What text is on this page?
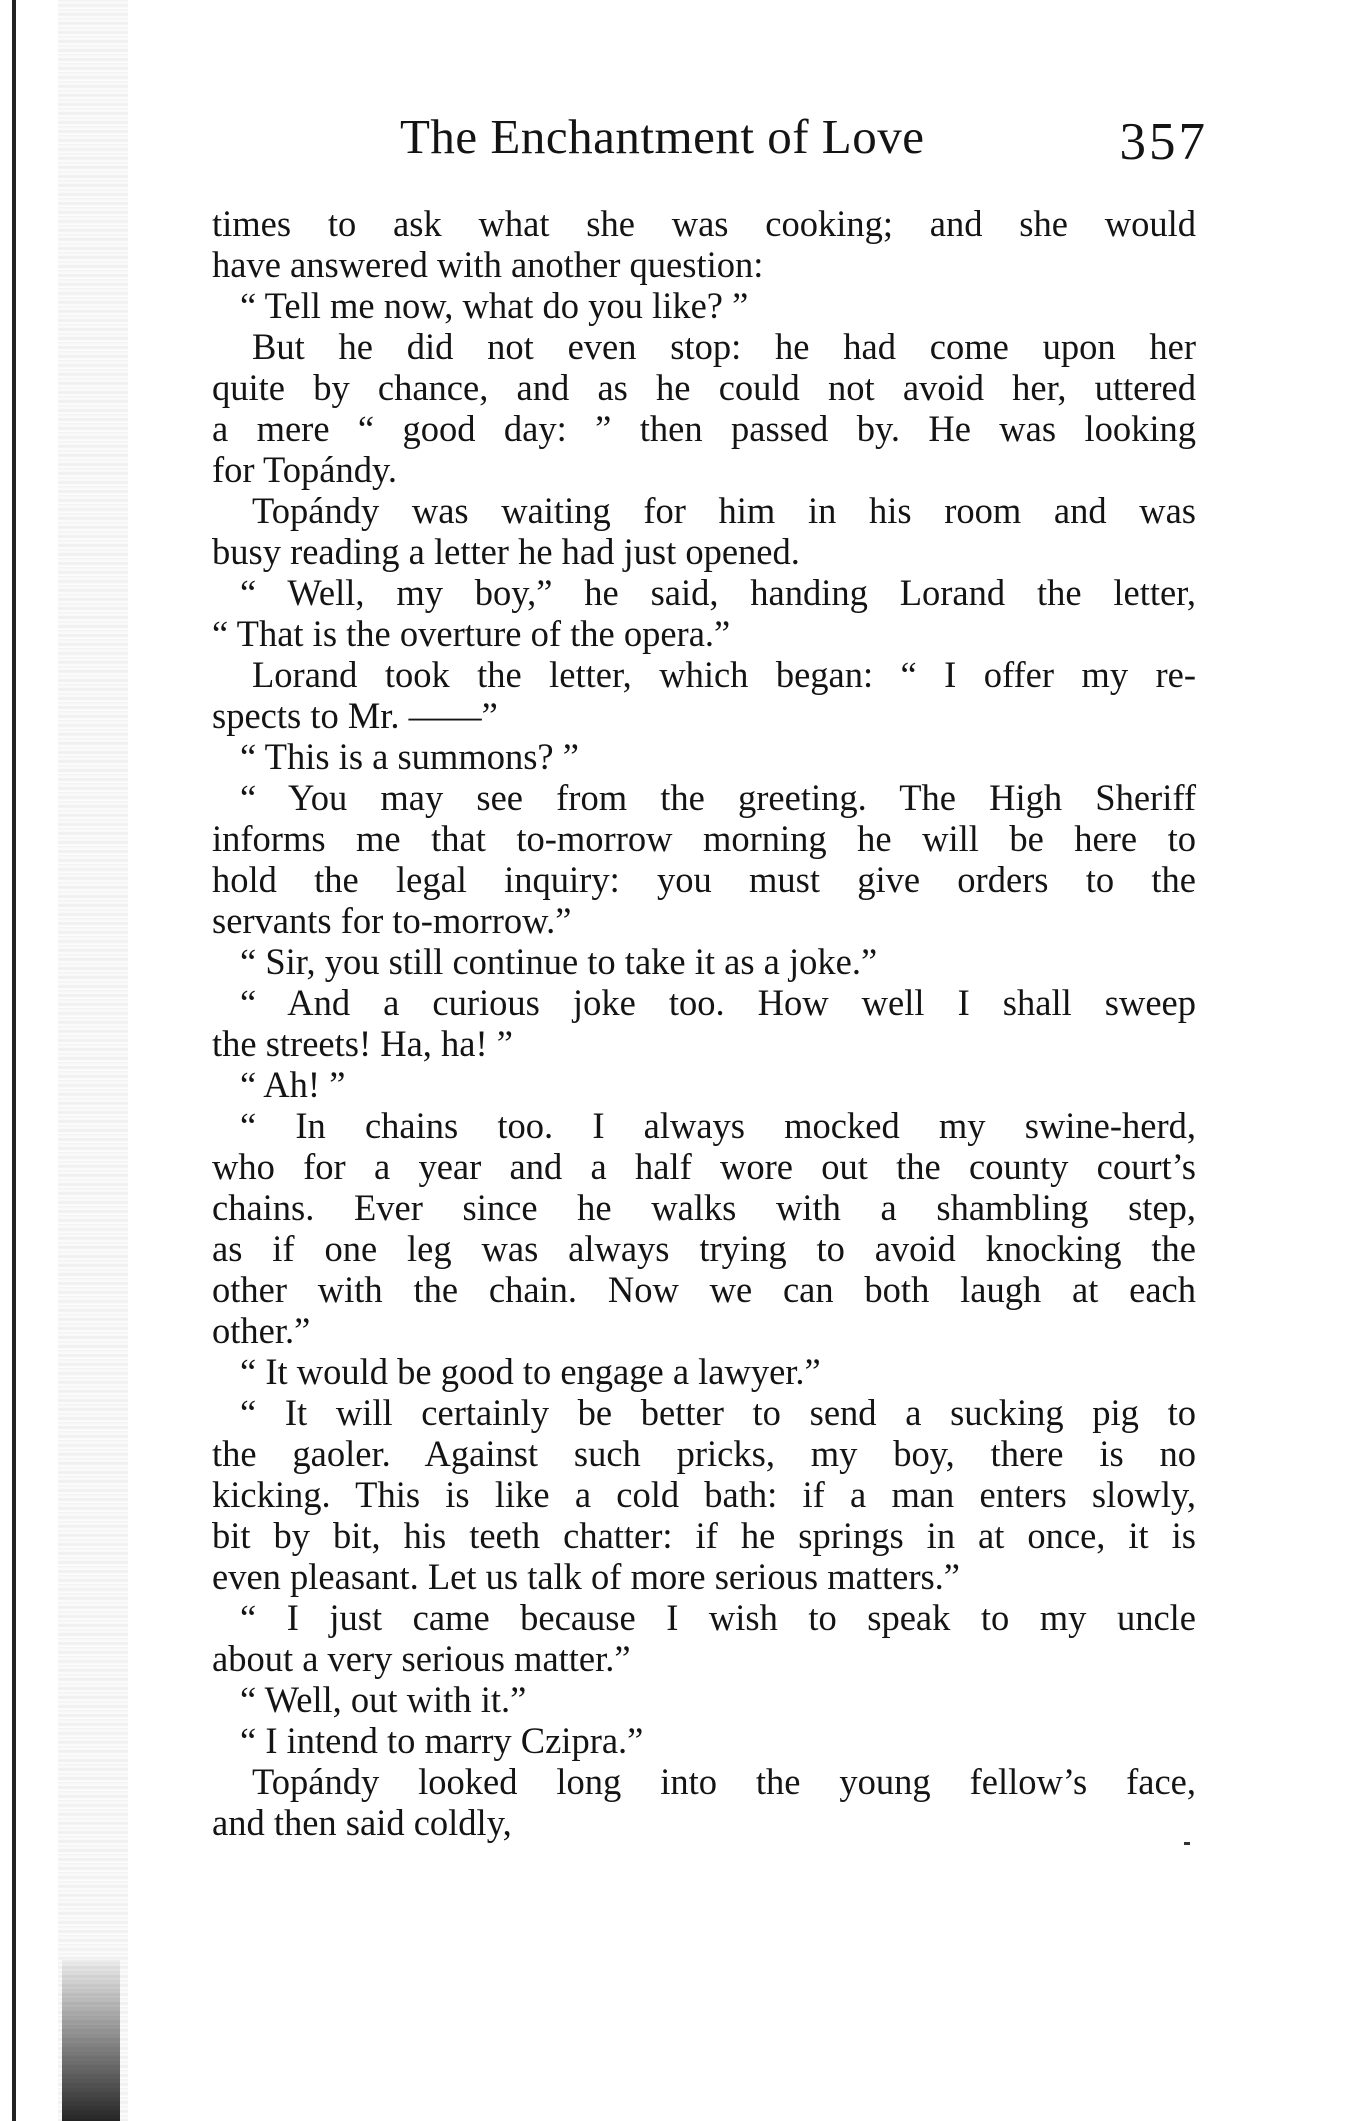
The Enchantment of Love	357
times to ask what she was cooking; and she would
have answered with another question:
“ Tell me now, what do you like? ”
But he did not even stop: he had come upon her
quite by chance, and as he could not avoid her, uttered
a mere “ good day: ” then passed by. He was looking
for Topándy.
Topándy was waiting for him in his room and was
busy reading a letter he had just opened.
“ Well, my boy,” he said, handing Lorand the letter,
“ That is the overture of the opera.”
Lorand took the letter, which began: “ I offer my re-
spects to Mr. ——”
“ This is a summons? ”
“ You may see from the greeting. The High Sheriff
informs me that to-morrow morning he will be here to
hold the legal inquiry: you must give orders to the
servants for to-morrow.”
“ Sir, you still continue to take it as a joke.”
“ And a curious joke too. How well I shall sweep
the streets! Ha, ha! ”
“ Ah! ”
“ In chains too. I always mocked my swine-herd,
who for a year and a half wore out the county court’s
chains. Ever since he walks with a shambling step,
as if one leg was always trying to avoid knocking the
other with the chain. Now we can both laugh at each
other.”
“ It would be good to engage a lawyer.”
“ It will certainly be better to send a sucking pig to
the gaoler. Against such pricks, my boy, there is no
kicking. This is like a cold bath: if a man enters slowly,
bit by bit, his teeth chatter: if he springs in at once, it is
even pleasant. Let us talk of more serious matters.”
“ I just came because I wish to speak to my uncle
about a very serious matter.”
“ Well, out with it.”
“ I intend to marry Czipra.”
Topándy looked long into the young fellow’s face,
and then said coldly,
